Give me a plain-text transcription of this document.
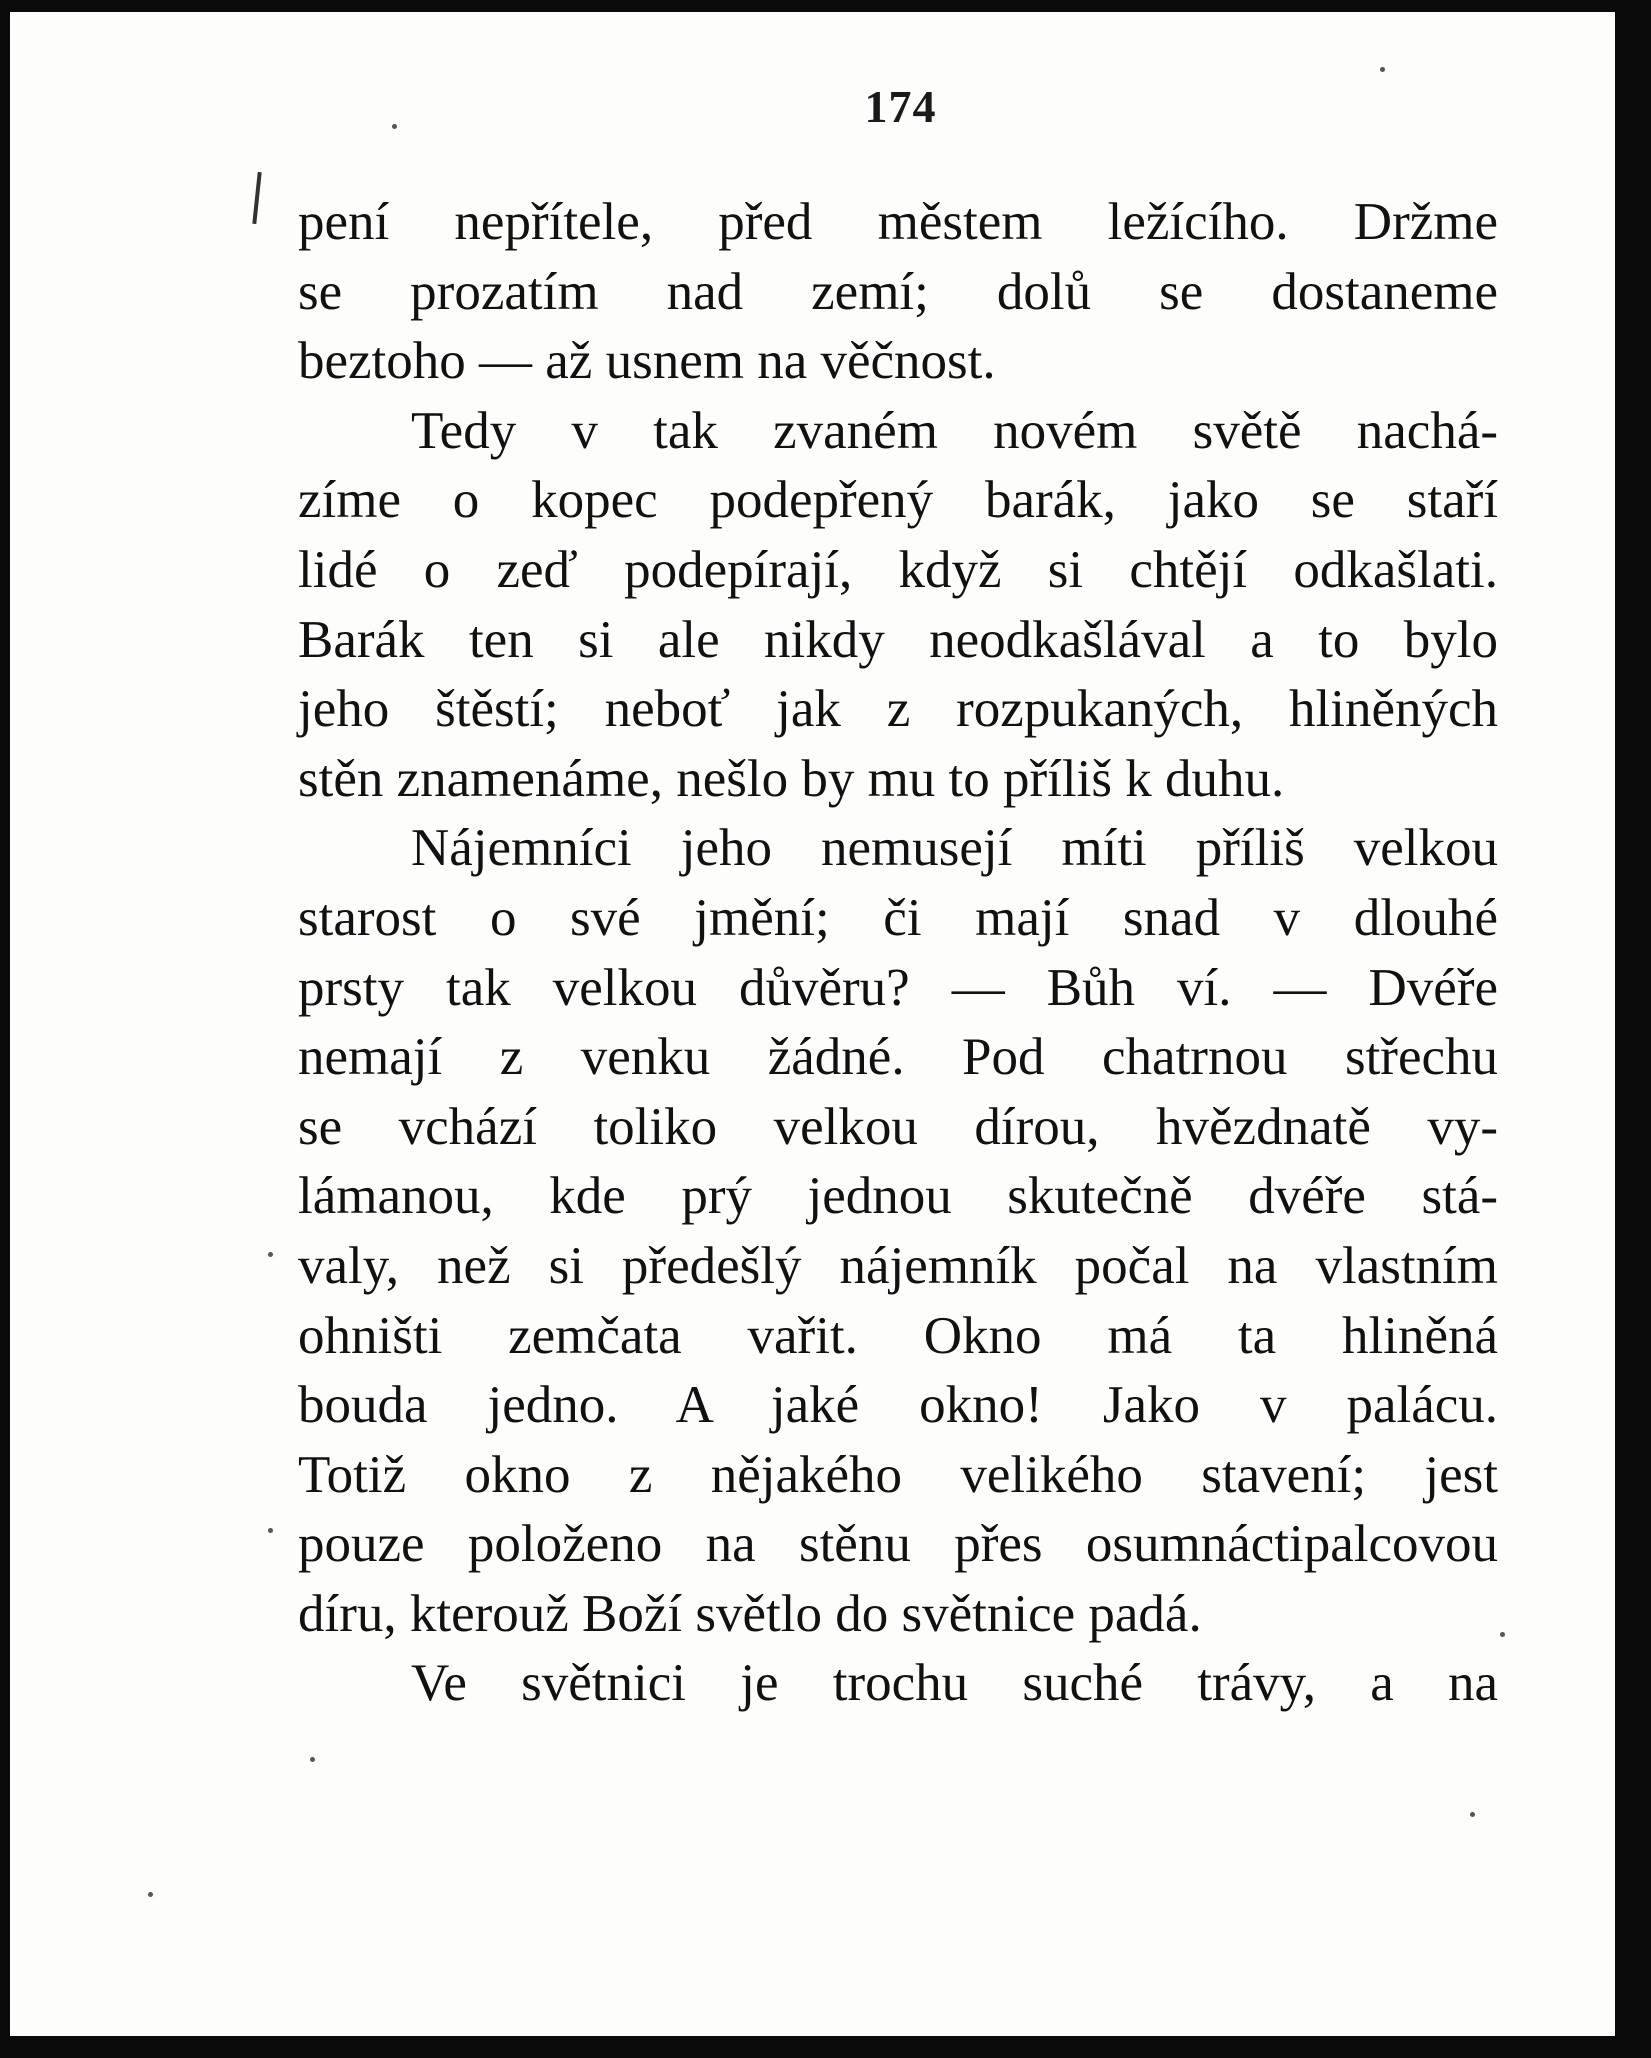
174
pení nepřítele, před městem ležícího. Držme
se prozatím nad zemí; dolů se dostaneme
beztoho — až usnem na věčnost.
Tedy v tak zvaném novém světě nachá-
zíme o kopec podepřený barák, jako se staří
lidé o zeď podepírají, když si chtějí odkašlati.
Barák ten si ale nikdy neodkašlával a to bylo
jeho štěstí; neboť jak z rozpukaných, hliněných
stěn znamenáme, nešlo by mu to příliš k duhu.
Nájemníci jeho nemusejí míti příliš velkou
starost o své jmění; či mají snad v dlouhé
prsty tak velkou důvěru? — Bůh ví. — Dvéře
nemají z venku žádné. Pod chatrnou střechu
se vchází toliko velkou dírou, hvězdnatě vy-
lámanou, kde prý jednou skutečně dvéře stá-
valy, než si předešlý nájemník počal na vlastním
ohništi zemčata vařit. Okno má ta hliněná
bouda jedno. A jaké okno! Jako v palácu.
Totiž okno z nějakého velikého stavení; jest
pouze položeno na stěnu přes osumnáctipalcovou
díru, kterouž Boží světlo do světnice padá.
Ve světnici je trochu suché trávy, a na
